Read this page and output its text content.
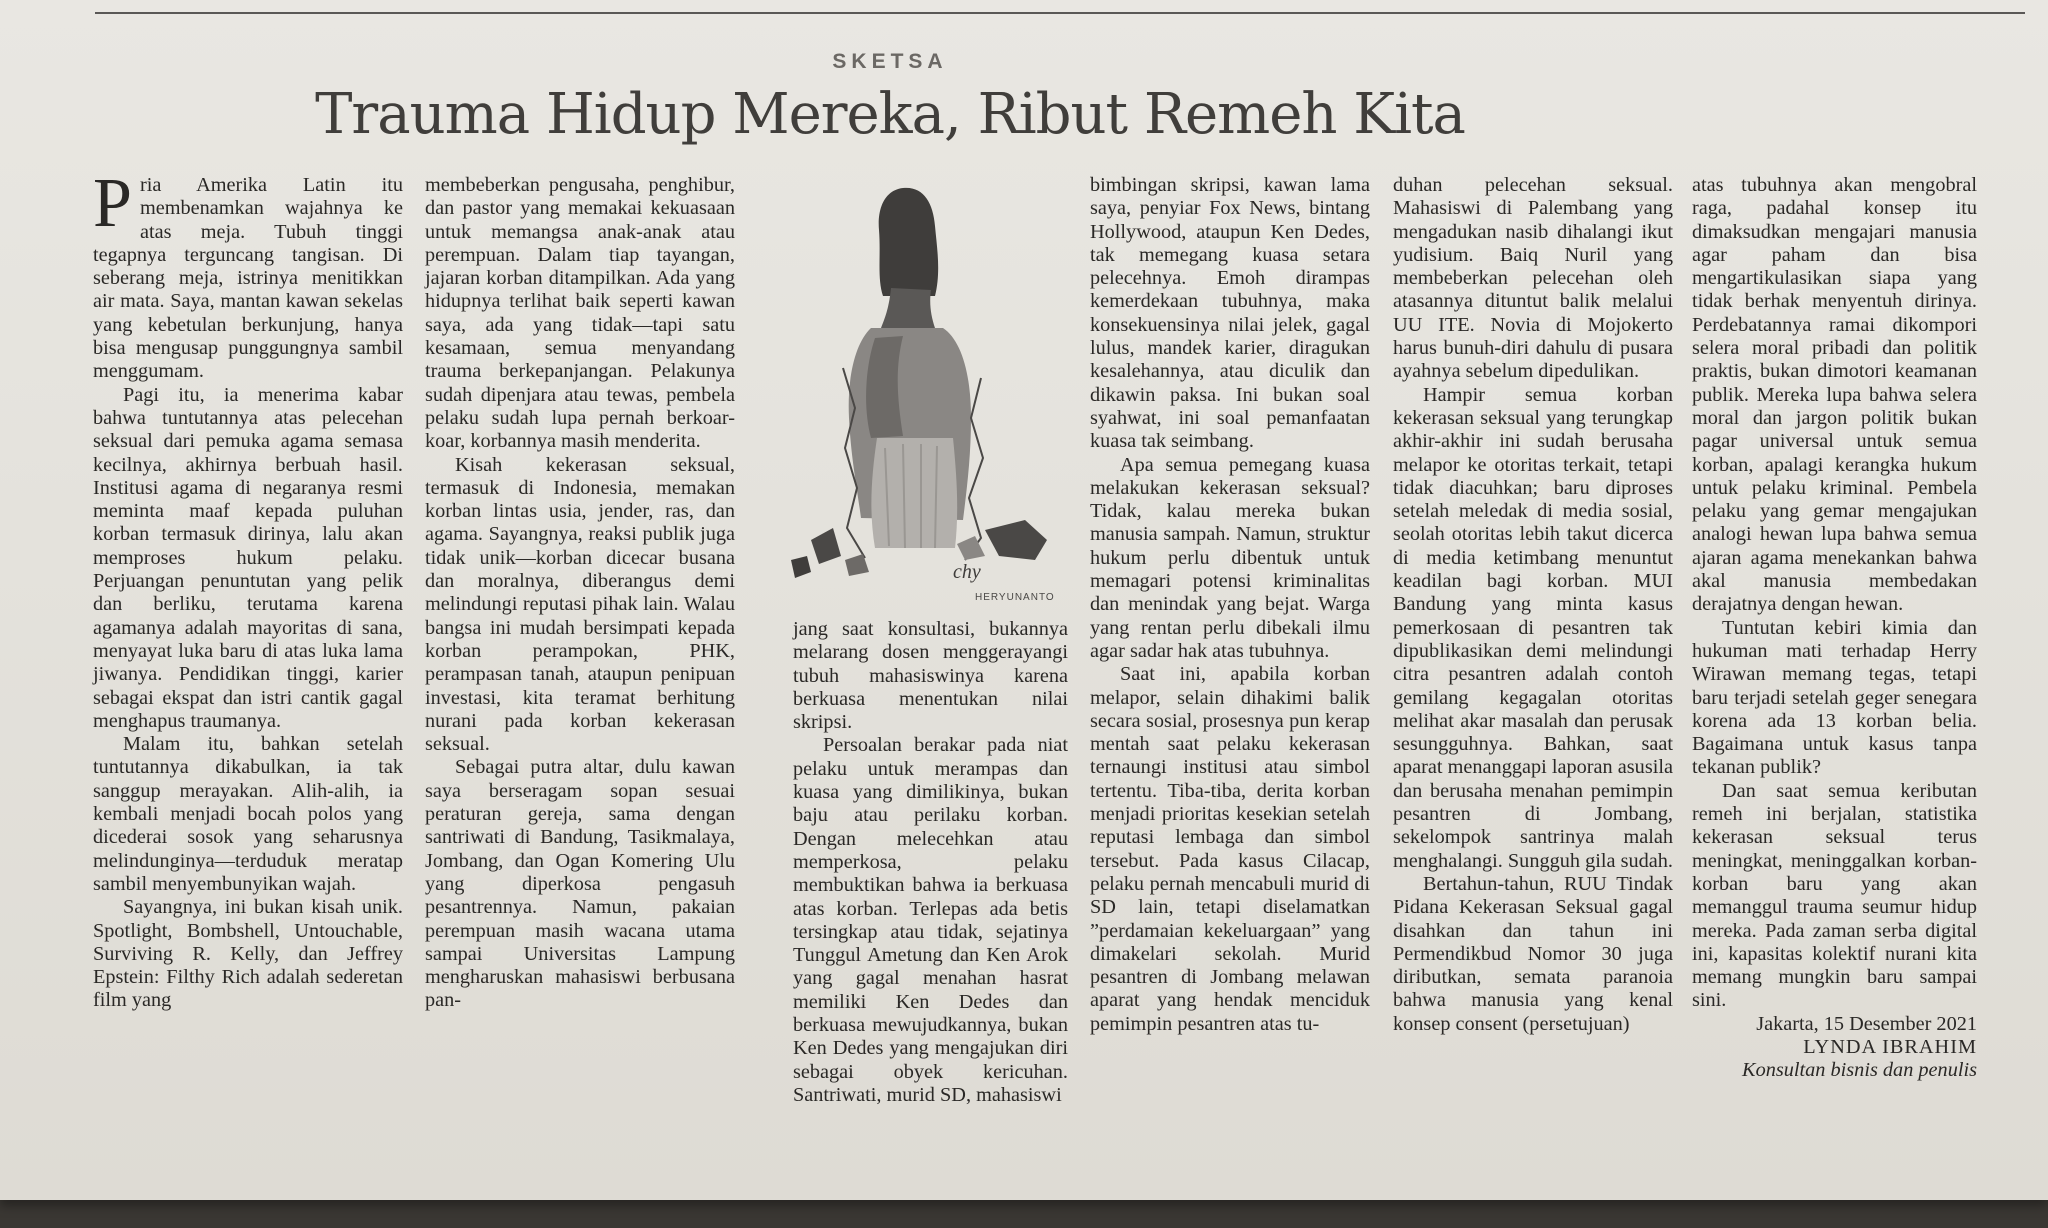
SKETSA
Trauma Hidup Mereka, Ribut Remeh Kita

Pria Amerika Latin itu membenamkan wajahnya ke atas meja. Tubuh tinggi tegapnya terguncang tangisan. Di seberang meja, istrinya menitikkan air mata. Saya, mantan kawan sekelas yang kebetulan berkunjung, hanya bisa mengusap punggungnya sambil menggumam.

Pagi itu, ia menerima kabar bahwa tuntutannya atas pelecehan seksual dari pemuka agama semasa kecilnya, akhirnya berbuah hasil. Institusi agama di negaranya resmi meminta maaf kepada puluhan korban termasuk dirinya, lalu akan memproses hukum pelaku. Perjuangan penuntutan yang pelik dan berliku, terutama karena agamanya adalah mayoritas di sana, menyayat luka baru di atas luka lama jiwanya. Pendidikan tinggi, karier sebagai ekspat dan istri cantik gagal menghapus traumanya.

Malam itu, bahkan setelah tuntutannya dikabulkan, ia tak sanggup merayakan. Alih-alih, ia kembali menjadi bocah polos yang dicederai sosok yang seharusnya melindunginya—terduduk meratap sambil menyembunyikan wajah.

Sayangnya, ini bukan kisah unik. Spotlight, Bombshell, Untouchable, Surviving R. Kelly, dan Jeffrey Epstein: Filthy Rich adalah sederetan film yang

membeberkan pengusaha, penghibur, dan pastor yang memakai kekuasaan untuk memangsa anak-anak atau perempuan. Dalam tiap tayangan, jajaran korban ditampilkan. Ada yang hidupnya terlihat baik seperti kawan saya, ada yang tidak—tapi satu kesamaan, semua menyandang trauma berkepanjangan. Pelakunya sudah dipenjara atau tewas, pembela pelaku sudah lupa pernah berkoar-koar, korbannya masih menderita.

Kisah kekerasan seksual, termasuk di Indonesia, memakan korban lintas usia, jender, ras, dan agama. Sayangnya, reaksi publik juga tidak unik—korban dicecar busana dan moralnya, diberangus demi melindungi reputasi pihak lain. Walau bangsa ini mudah bersimpati kepada korban perampokan, PHK, perampasan tanah, ataupun penipuan investasi, kita teramat berhitung nurani pada korban kekerasan seksual.

Sebagai putra altar, dulu kawan saya berseragam sopan sesuai peraturan gereja, sama dengan santriwati di Bandung, Tasikmalaya, Jombang, dan Ogan Komering Ulu yang diperkosa pengasuh pesantrennya. Namun, pakaian perempuan masih wacana utama sampai Universitas Lampung mengharuskan mahasiswi berbusana pan-

chy
HERYUNANTO

jang saat konsultasi, bukannya melarang dosen menggerayangi tubuh mahasiswinya karena berkuasa menentukan nilai skripsi.

Persoalan berakar pada niat pelaku untuk merampas dan kuasa yang dimilikinya, bukan baju atau perilaku korban. Dengan melecehkan atau memperkosa, pelaku membuktikan bahwa ia berkuasa atas korban. Terlepas ada betis tersingkap atau tidak, sejatinya Tunggul Ametung dan Ken Arok yang gagal menahan hasrat memiliki Ken Dedes dan berkuasa mewujudkannya, bukan Ken Dedes yang mengajukan diri sebagai obyek kericuhan. Santriwati, murid SD, mahasiswi

bimbingan skripsi, kawan lama saya, penyiar Fox News, bintang Hollywood, ataupun Ken Dedes, tak memegang kuasa setara pelecehnya. Emoh dirampas kemerdekaan tubuhnya, maka konsekuensinya nilai jelek, gagal lulus, mandek karier, diragukan kesalehannya, atau diculik dan dikawin paksa. Ini bukan soal syahwat, ini soal pemanfaatan kuasa tak seimbang.

Apa semua pemegang kuasa melakukan kekerasan seksual? Tidak, kalau mereka bukan manusia sampah. Namun, struktur hukum perlu dibentuk untuk memagari potensi kriminalitas dan menindak yang bejat. Warga yang rentan perlu dibekali ilmu agar sadar hak atas tubuhnya.

Saat ini, apabila korban melapor, selain dihakimi balik secara sosial, prosesnya pun kerap mentah saat pelaku kekerasan ternaungi institusi atau simbol tertentu. Tiba-tiba, derita korban menjadi prioritas kesekian setelah reputasi lembaga dan simbol tersebut. Pada kasus Cilacap, pelaku pernah mencabuli murid di SD lain, tetapi diselamatkan ”perdamaian kekeluargaan” yang dimakelari sekolah. Murid pesantren di Jombang melawan aparat yang hendak menciduk pemimpin pesantren atas tu-

duhan pelecehan seksual. Mahasiswi di Palembang yang mengadukan nasib dihalangi ikut yudisium. Baiq Nuril yang membeberkan pelecehan oleh atasannya dituntut balik melalui UU ITE. Novia di Mojokerto harus bunuh-diri dahulu di pusara ayahnya sebelum dipedulikan.

Hampir semua korban kekerasan seksual yang terungkap akhir-akhir ini sudah berusaha melapor ke otoritas terkait, tetapi tidak diacuhkan; baru diproses setelah meledak di media sosial, seolah otoritas lebih takut dicerca di media ketimbang menuntut keadilan bagi korban. MUI Bandung yang minta kasus pemerkosaan di pesantren tak dipublikasikan demi melindungi citra pesantren adalah contoh gemilang kegagalan otoritas melihat akar masalah dan perusak sesungguhnya. Bahkan, saat aparat menanggapi laporan asusila dan berusaha menahan pemimpin pesantren di Jombang, sekelompok santrinya malah menghalangi. Sungguh gila sudah.

Bertahun-tahun, RUU Tindak Pidana Kekerasan Seksual gagal disahkan dan tahun ini Permendikbud Nomor 30 juga diributkan, semata paranoia bahwa manusia yang kenal konsep consent (persetujuan)

atas tubuhnya akan mengobral raga, padahal konsep itu dimaksudkan mengajari manusia agar paham dan bisa mengartikulasikan siapa yang tidak berhak menyentuh dirinya. Perdebatannya ramai dikompori selera moral pribadi dan politik praktis, bukan dimotori keamanan publik. Mereka lupa bahwa selera moral dan jargon politik bukan pagar universal untuk semua korban, apalagi kerangka hukum untuk pelaku kriminal. Pembela pelaku yang gemar mengajukan analogi hewan lupa bahwa semua ajaran agama menekankan bahwa akal manusia membedakan derajatnya dengan hewan.

Tuntutan kebiri kimia dan hukuman mati terhadap Herry Wirawan memang tegas, tetapi baru terjadi setelah geger senegara korena ada 13 korban belia. Bagaimana untuk kasus tanpa tekanan publik?

Dan saat semua keributan remeh ini berjalan, statistika kekerasan seksual terus meningkat, meninggalkan korban-korban baru yang akan memanggul trauma seumur hidup mereka. Pada zaman serba digital ini, kapasitas kolektif nurani kita memang mungkin baru sampai sini.

Jakarta, 15 Desember 2021

LYNDA IBRAHIM

Konsultan bisnis dan penulis
